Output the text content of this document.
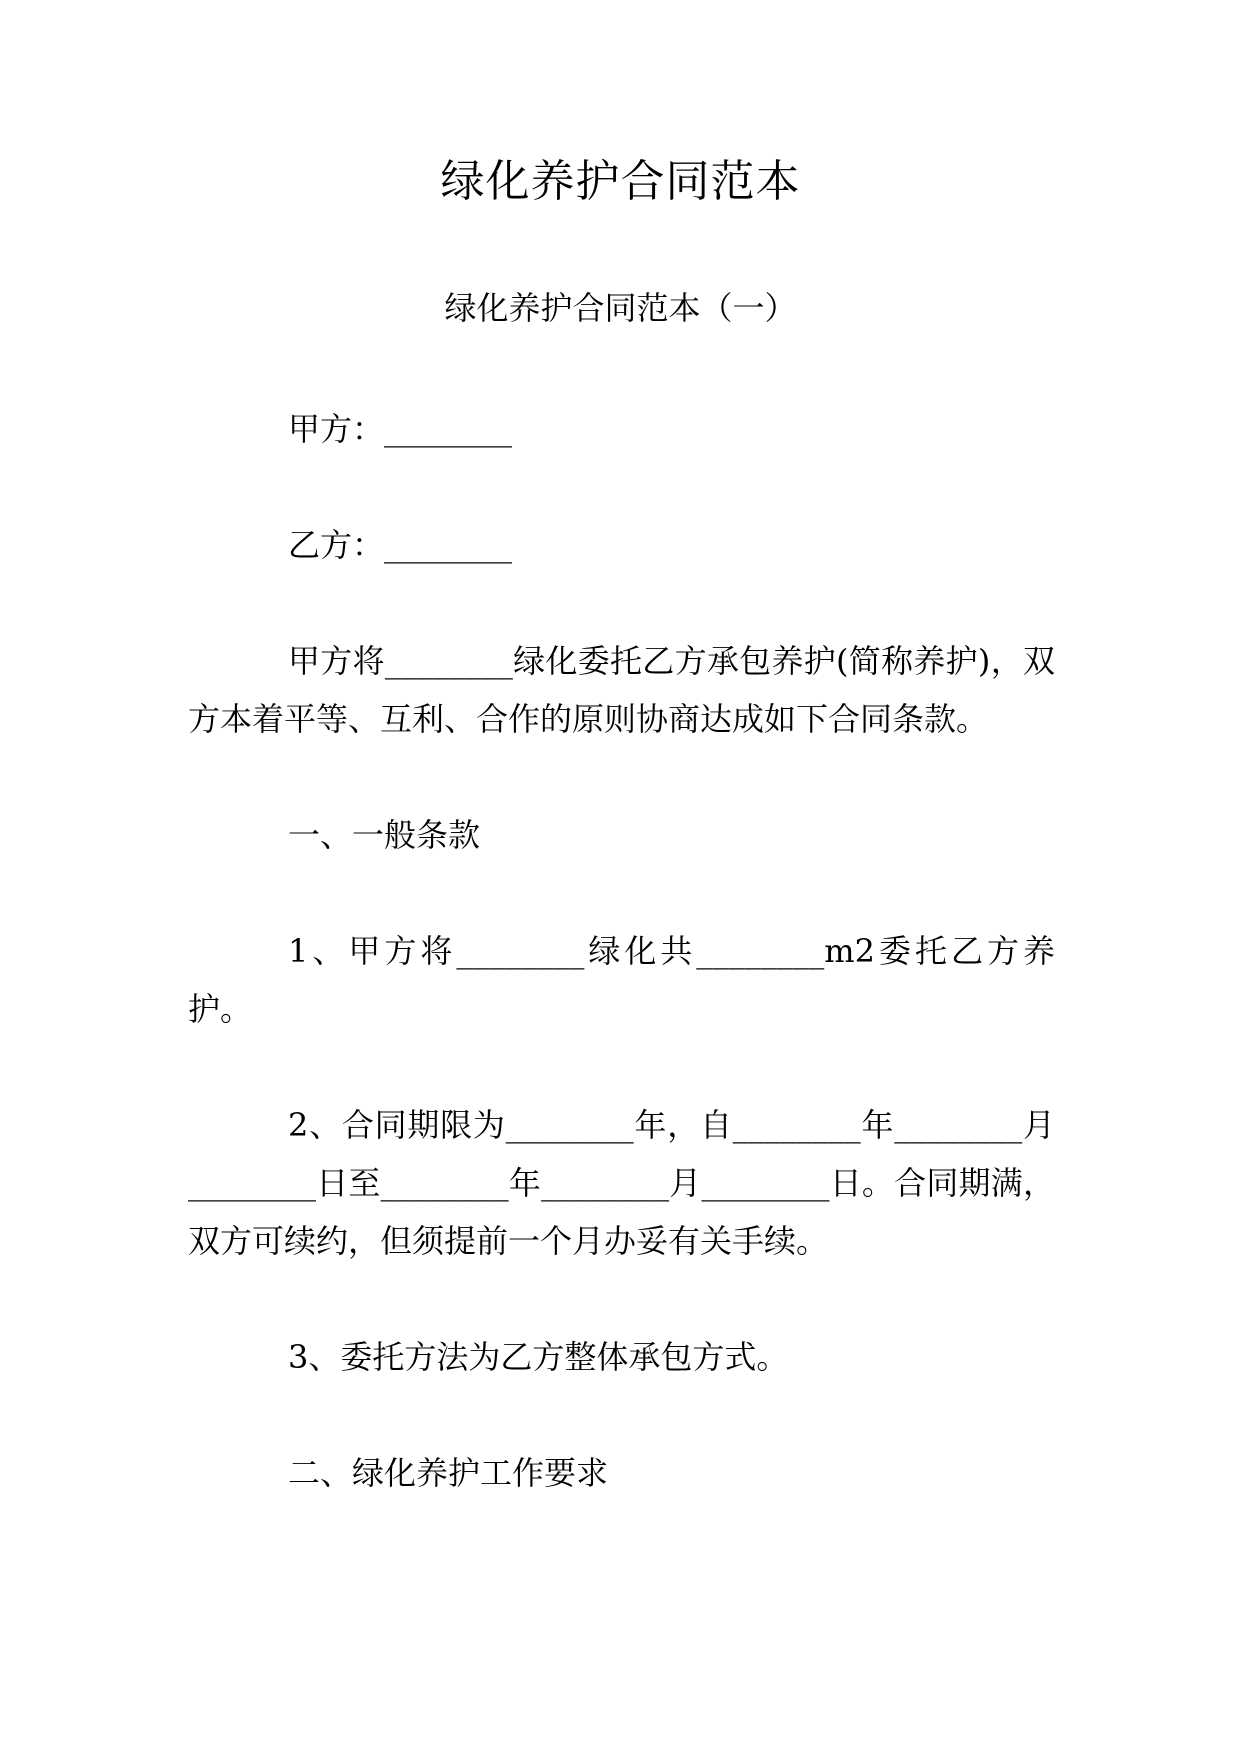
绿化养护合同范本
绿化养护合同范本（一）

甲方：________

乙方：________

甲方将________绿化委托乙方承包养护(简称养护)，双方本着平等、互利、合作的原则协商达成如下合同条款。

一、一般条款

1、甲方将________绿化共________m2委托乙方养护。

2、合同期限为________年，自________年________月________日至________年________月________日。合同期满，双方可续约，但须提前一个月办妥有关手续。

3、委托方法为乙方整体承包方式。

二、绿化养护工作要求
